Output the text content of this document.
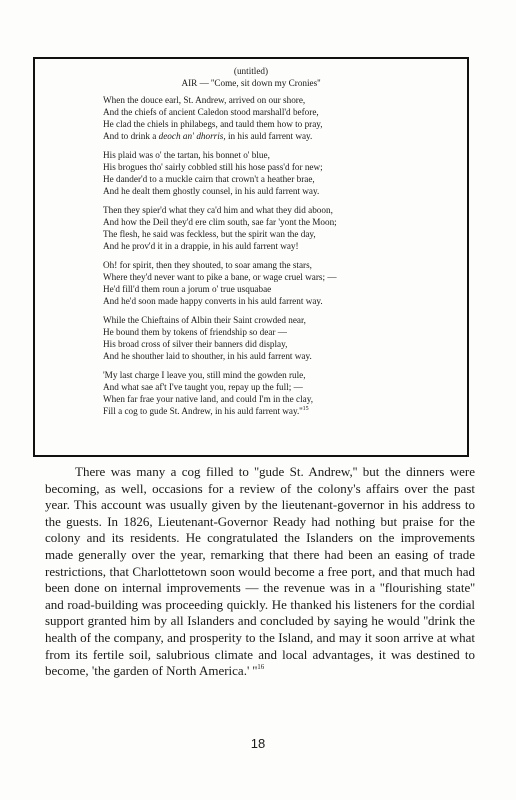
(untitled)
AIR — ''Come, sit down my Cronies''
When the douce earl, St. Andrew, arrived on our shore,
And the chiefs of ancient Caledon stood marshall'd before,
He clad the chiels in philabegs, and tauld them how to pray,
And to drink a deoch an' dhorris, in his auld farrent way.
His plaid was o' the tartan, his bonnet o' blue,
His brogues tho' sairly cobbled still his hose pass'd for new;
He dander'd to a muckle cairn that crown't a heather brae,
And he dealt them ghostly counsel, in his auld farrent way.
Then they spier'd what they ca'd him and what they did aboon,
And how the Deil they'd ere clim south, sae far 'yont the Moon;
The flesh, he said was feckless, but the spirit wan the day,
And he prov'd it in a drappie, in his auld farrent way!
Oh! for spirit, then they shouted, to soar amang the stars,
Where they'd never want to pike a bane, or wage cruel wars; —
He'd fill'd them roun a jorum o' true usquabae
And he'd soon made happy converts in his auld farrent way.
While the Chieftains of Albin their Saint crowded near,
He bound them by tokens of friendship so dear —
His broad cross of silver their banners did display,
And he shouther laid to shouther, in his auld farrent way.
'My last charge I leave you, still mind the gowden rule,
And what sae af't I've taught you, repay up the full; —
When far frae your native land, and could I'm in the clay,
Fill a cog to gude St. Andrew, in his auld farrent $way.''^{15}$

There was many a cog filled to ''gude St. Andrew,'' but the dinners were becoming, as well, occasions for a review of the colony's affairs over the past year. This account was usually given by the lieutenant-governor in his address to the guests. In 1826, Lieutenant-Governor Ready had nothing but praise for the colony and its residents. He congratulated the Islanders on the improvements made generally over the year, remarking that there had been an easing of trade restrictions, that Charlottetown soon would become a free port, and that much had been done on internal improvements — the revenue was in a ''flourishing state'' and road-building was proceeding quickly. He thanked his listeners for the cordial support granted him by all Islanders and concluded by saying he would ''drink the health of the company, and prosperity to the Island, and may it soon arrive at what from its fertile soil, salubrious climate and local advantages, it was destined to become, 'the garden of North America.' ''$^{16}$

18
